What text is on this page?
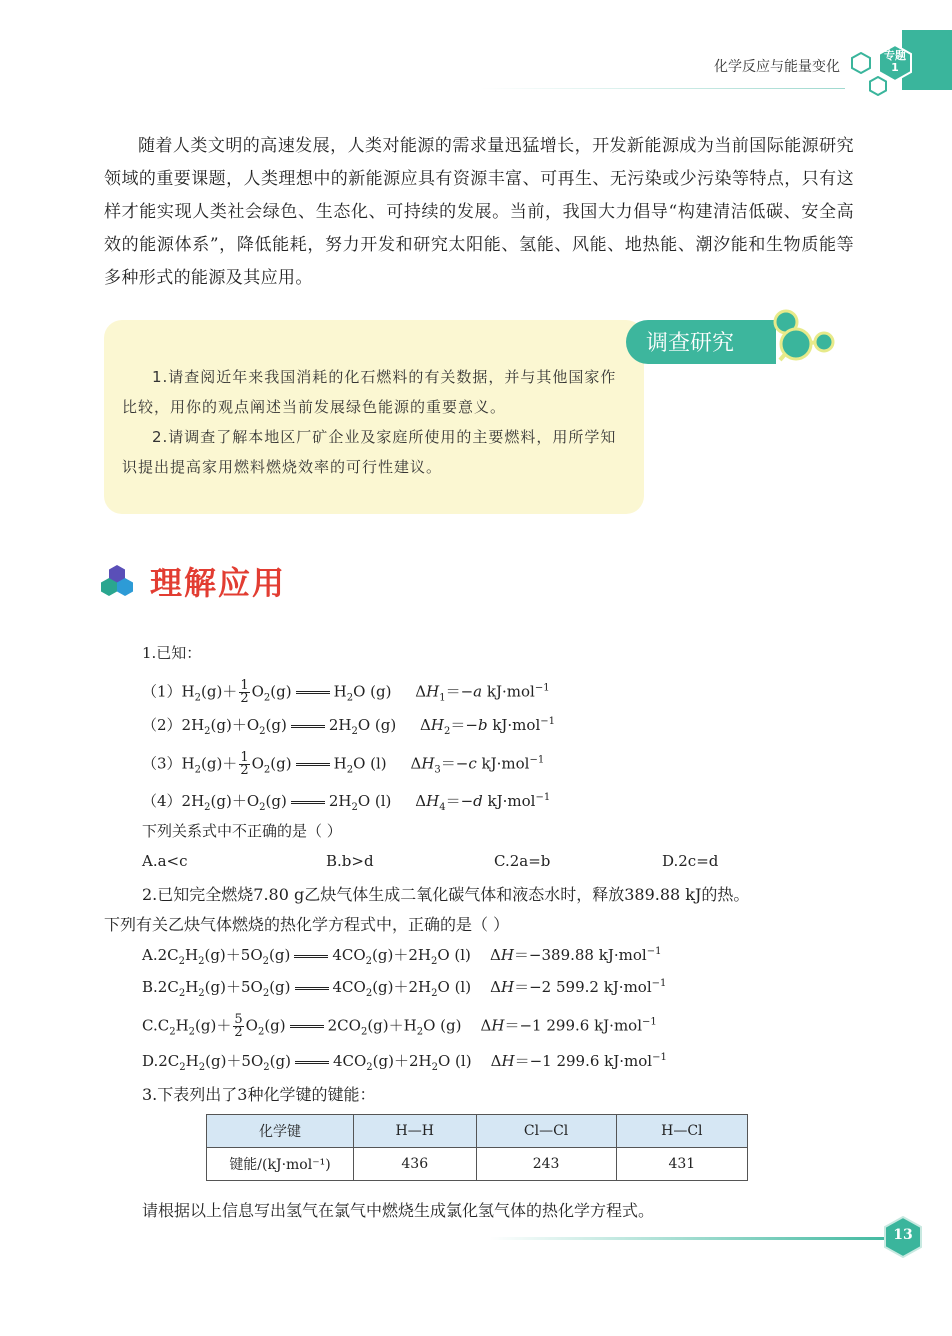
化学反应与能量变化
专题
1

随着人类文明的高速发展，人类对能源的需求量迅猛增长，开发新能源成为当前国际能源研究领域的重要课题，人类理想中的新能源应具有资源丰富、可再生、无污染或少污染等特点，只有这样才能实现人类社会绿色、生态化、可持续的发展。当前，我国大力倡导“构建清洁低碳、安全高效的能源体系”，降低能耗，努力开发和研究太阳能、氢能、风能、地热能、潮汐能和生物质能等多种形式的能源及其应用。

1.请查阅近年来我国消耗的化石燃料的有关数据，并与其他国家作比较，用你的观点阐述当前发展绿色能源的重要意义。

2.请调查了解本地区厂矿企业及家庭所使用的主要燃料，用所学知识提出提高家用燃料燃烧效率的可行性建议。

调查研究
理解应用
1.已知：
$(1)H_2(g)+ \frac{1}{2} O_2(g)$	$H_2O$ (g)     $\Delta H_1=-a$ kJ·mol$^{-1}$
$(2)2H_2(g)+O_2(g)$	$2H_2O$ (g)     $\Delta H_2=-b$ kJ·mol$^{-1}$
$(3)H_2(g)+ \frac{1}{2} O_2(g)$	$H_2O$ (l)     $\Delta H_3=-c$ kJ·mol$^{-1}$
$(4)2H_2(g)+O_2(g)$	$2H_2O$ (l)     $\Delta H_4=-d$ kJ·mol$^{-1}$
下列关系式中不正确的是（ ）
A.a<c	B.b>d	C.2a=b	D.2c=d
2.已知完全燃烧7.80 g乙炔气体生成二氧化碳气体和液态水时，释放389.88 kJ的热。
下列有关乙炔气体燃烧的热化学方程式中，正确的是（ ）
$A.2C_2H_2(g)+5O_2(g)$	$4CO_2(g)+2H_2O$ (l)    ΔH＝−389.88 kJ·mol$^{-1}$
$B.2C_2H_2(g)+5O_2(g)$	$4CO_2(g)+2H_2O$ (l)    ΔH＝−2 599.2 kJ·mol$^{-1}$
$C.C_2H_2(g)+ \frac{5}{2} O_2(g)$	$2CO_2(g)+H_2O$ (g)    ΔH＝−1 299.6 kJ·mol$^{-1}$
$D.2C_2H_2(g)+5O_2(g)$	$4CO_2(g)+2H_2O$ (l)    ΔH＝−1 299.6 kJ·mol$^{-1}$
3.下表列出了3种化学键的键能：
化学键	H—H	Cl—Cl	H—Cl
键能/(kJ·mol⁻¹)	436	243	431
请根据以上信息写出氢气在氯气中燃烧生成氯化氢气体的热化学方程式。
13
